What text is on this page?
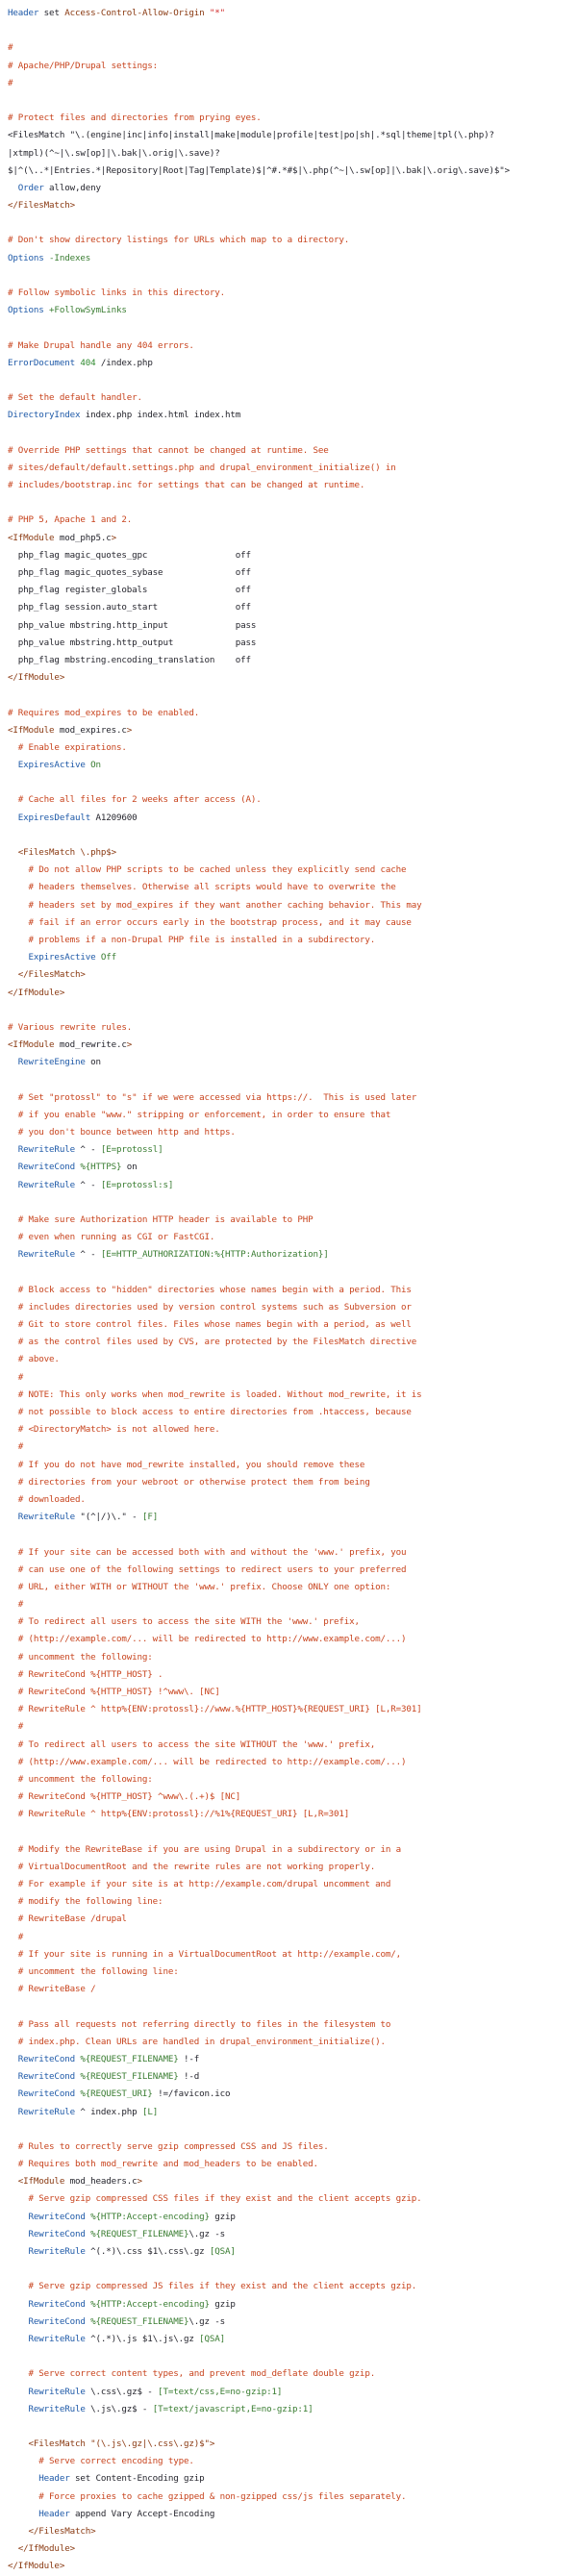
Header set Access-Control-Allow-Origin "*"
#
# Apache/PHP/Drupal settings:
#
# Protect files and directories from prying eyes.
<FilesMatch "\.(engine|inc|info|install|make|module|profile|test|po|sh|.*sql|theme|tpl(\.php)?
|xtmpl)(^~|\.sw[op]|\.bak|\.orig|\.save)?
$|^(\..*|Entries.*|Repository|Root|Tag|Template)$|^#.*#$|\.php(^~|\.sw[op]|\.bak|\.orig\.save)$">
Order allow,deny
</FilesMatch>
# Don't show directory listings for URLs which map to a directory.
Options -Indexes
# Follow symbolic links in this directory.
Options +FollowSymLinks
# Make Drupal handle any 404 errors.
ErrorDocument 404 /index.php
# Set the default handler.
DirectoryIndex index.php index.html index.htm
# Override PHP settings that cannot be changed at runtime. See
# sites/default/default.settings.php and drupal_environment_initialize() in
# includes/bootstrap.inc for settings that can be changed at runtime.
# PHP 5, Apache 1 and 2.
<IfModule mod_php5.c>
php_flag magic_quotes_gpc                 off
php_flag magic_quotes_sybase              off
php_flag register_globals                 off
php_flag session.auto_start               off
php_value mbstring.http_input             pass
php_value mbstring.http_output            pass
php_flag mbstring.encoding_translation    off
</IfModule>
# Requires mod_expires to be enabled.
<IfModule mod_expires.c>
# Enable expirations.
ExpiresActive On
# Cache all files for 2 weeks after access (A).
ExpiresDefault A1209600
<FilesMatch \.php$>
# Do not allow PHP scripts to be cached unless they explicitly send cache
# headers themselves. Otherwise all scripts would have to overwrite the
# headers set by mod_expires if they want another caching behavior. This may
# fail if an error occurs early in the bootstrap process, and it may cause
# problems if a non-Drupal PHP file is installed in a subdirectory.
ExpiresActive Off
</FilesMatch>
</IfModule>
# Various rewrite rules.
<IfModule mod_rewrite.c>
RewriteEngine on
# Set "protossl" to "s" if we were accessed via https://.  This is used later
# if you enable "www." stripping or enforcement, in order to ensure that
# you don't bounce between http and https.
RewriteRule ^ - [E=protossl]
RewriteCond %{HTTPS} on
RewriteRule ^ - [E=protossl:s]
# Make sure Authorization HTTP header is available to PHP
# even when running as CGI or FastCGI.
RewriteRule ^ - [E=HTTP_AUTHORIZATION:%{HTTP:Authorization}]
# Block access to "hidden" directories whose names begin with a period. This
# includes directories used by version control systems such as Subversion or
# Git to store control files. Files whose names begin with a period, as well
# as the control files used by CVS, are protected by the FilesMatch directive
# above.
#
# NOTE: This only works when mod_rewrite is loaded. Without mod_rewrite, it is
# not possible to block access to entire directories from .htaccess, because
# <DirectoryMatch> is not allowed here.
#
# If you do not have mod_rewrite installed, you should remove these
# directories from your webroot or otherwise protect them from being
# downloaded.
RewriteRule "(^|/)\." - [F]
# If your site can be accessed both with and without the 'www.' prefix, you
# can use one of the following settings to redirect users to your preferred
# URL, either WITH or WITHOUT the 'www.' prefix. Choose ONLY one option:
#
# To redirect all users to access the site WITH the 'www.' prefix,
# (http://example.com/... will be redirected to http://www.example.com/...)
# uncomment the following:
# RewriteCond %{HTTP_HOST} .
# RewriteCond %{HTTP_HOST} !^www\. [NC]
# RewriteRule ^ http%{ENV:protossl}://www.%{HTTP_HOST}%{REQUEST_URI} [L,R=301]
#
# To redirect all users to access the site WITHOUT the 'www.' prefix,
# (http://www.example.com/... will be redirected to http://example.com/...)
# uncomment the following:
# RewriteCond %{HTTP_HOST} ^www\.(.+)$ [NC]
# RewriteRule ^ http%{ENV:protossl}://%1%{REQUEST_URI} [L,R=301]
# Modify the RewriteBase if you are using Drupal in a subdirectory or in a
# VirtualDocumentRoot and the rewrite rules are not working properly.
# For example if your site is at http://example.com/drupal uncomment and
# modify the following line:
# RewriteBase /drupal
#
# If your site is running in a VirtualDocumentRoot at http://example.com/,
# uncomment the following line:
# RewriteBase /
# Pass all requests not referring directly to files in the filesystem to
# index.php. Clean URLs are handled in drupal_environment_initialize().
RewriteCond %{REQUEST_FILENAME} !-f
RewriteCond %{REQUEST_FILENAME} !-d
RewriteCond %{REQUEST_URI} !=/favicon.ico
RewriteRule ^ index.php [L]
# Rules to correctly serve gzip compressed CSS and JS files.
# Requires both mod_rewrite and mod_headers to be enabled.
<IfModule mod_headers.c>
# Serve gzip compressed CSS files if they exist and the client accepts gzip.
RewriteCond %{HTTP:Accept-encoding} gzip
RewriteCond %{REQUEST_FILENAME}\.gz -s
RewriteRule ^(.*)\.css $1\.css\.gz [QSA]
# Serve gzip compressed JS files if they exist and the client accepts gzip.
RewriteCond %{HTTP:Accept-encoding} gzip
RewriteCond %{REQUEST_FILENAME}\.gz -s
RewriteRule ^(.*)\.js $1\.js\.gz [QSA]
# Serve correct content types, and prevent mod_deflate double gzip.
RewriteRule \.css\.gz$ - [T=text/css,E=no-gzip:1]
RewriteRule \.js\.gz$ - [T=text/javascript,E=no-gzip:1]
<FilesMatch "(\.js\.gz|\.css\.gz)$">
# Serve correct encoding type.
Header set Content-Encoding gzip
# Force proxies to cache gzipped & non-gzipped css/js files separately.
Header append Vary Accept-Encoding
</FilesMatch>
</IfModule>
</IfModule>
